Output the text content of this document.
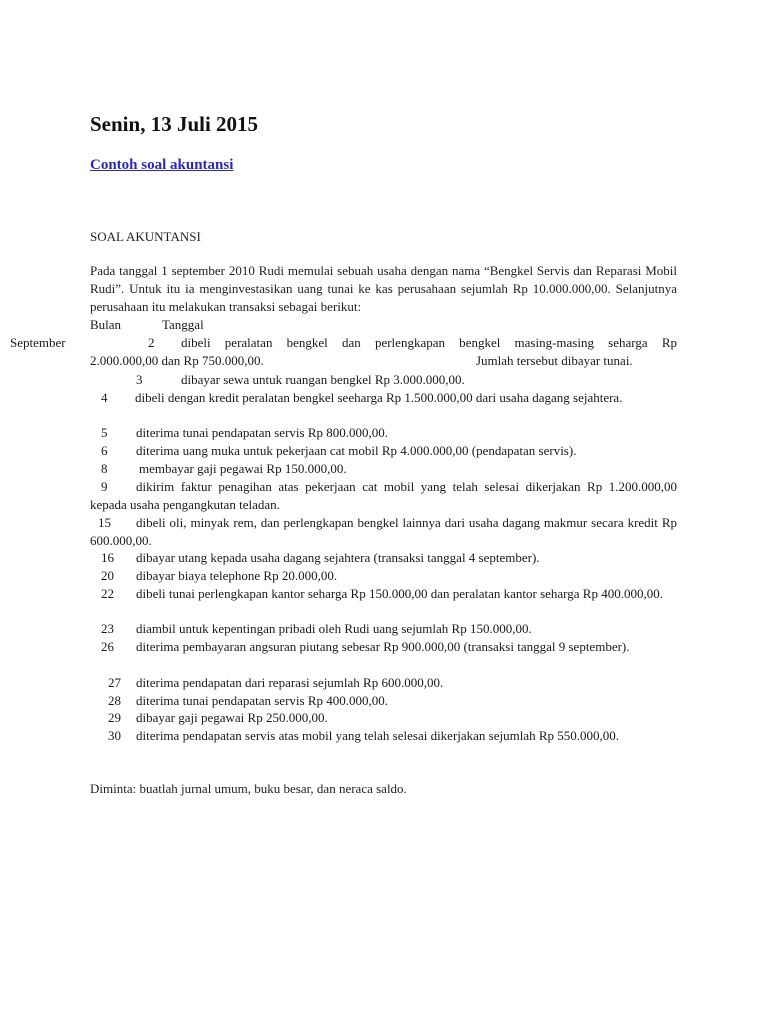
Senin, 13 Juli 2015
Contoh soal akuntansi
SOAL AKUNTANSI
Pada tanggal 1 september 2010 Rudi memulai sebuah usaha dengan nama “Bengkel Servis dan Reparasi Mobil Rudi”. Untuk itu ia menginvestasikan uang tunai ke kas perusahaan sejumlah Rp 10.000.000,00. Selanjutnya perusahaan itu melakukan transaksi sebagai berikut:
Bulan	Tanggal
September	2 dibeli peralatan bengkel dan perlengkapan bengkel masing-masing seharga Rp
2.000.000,00 dan Rp 750.000,00.	Jumlah tersebut dibayar tunai.
3	dibayar sewa untuk ruangan bengkel Rp 3.000.000,00.
4	dibeli dengan kredit peralatan bengkel seeharga Rp 1.500.000,00 dari usaha dagang sejahtera.
5 diterima tunai pendapatan servis Rp 800.000,00.
6 diterima uang muka untuk pekerjaan cat mobil Rp 4.000.000,00 (pendapatan servis).
8 membayar gaji pegawai Rp 150.000,00.
9	dikirim faktur penagihan atas pekerjaan cat mobil yang telah selesai dikerjakan Rp 1.200.000,00 kepada usaha pengangkutan teladan.
15	dibeli oli, minyak rem, dan perlengkapan bengkel lainnya dari usaha dagang makmur secara kredit Rp 600.000,00.
16 dibayar utang kepada usaha dagang sejahtera (transaksi tanggal 4 september).
20 dibayar biaya telephone Rp 20.000,00.
22	dibeli tunai perlengkapan kantor seharga Rp 150.000,00 dan peralatan kantor seharga Rp 400.000,00.
23 diambil untuk kepentingan pribadi oleh Rudi uang sejumlah Rp 150.000,00.
26	diterima pembayaran angsuran piutang sebesar Rp 900.000,00 (transaksi tanggal 9 september).
27 diterima pendapatan dari reparasi sejumlah Rp 600.000,00.
28 diterima tunai pendapatan servis Rp 400.000,00.
29 dibayar gaji pegawai Rp 250.000,00.
30	diterima pendapatan servis atas mobil yang telah selesai dikerjakan sejumlah Rp 550.000,00.
Diminta: buatlah jurnal umum, buku besar, dan neraca saldo.
